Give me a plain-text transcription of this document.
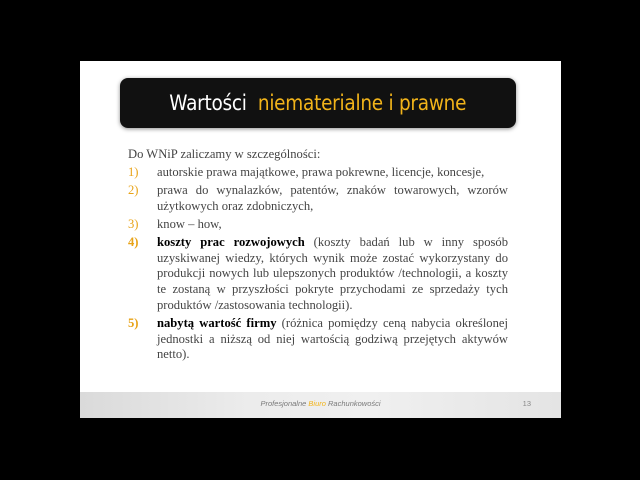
Wartości niematerialne i prawne

Do WNiP zaliczamy w szczególności:

1)	autorskie prawa majątkowe, prawa pokrewne, licencje, koncesje,
2)	prawa do wynalazków, patentów, znaków towarowych, wzorów użytkowych oraz zdobniczych,
3)	know – how,
4)	koszty prac rozwojowych (koszty badań lub w inny sposób uzyskiwanej wiedzy, których wynik może zostać wykorzystany do produkcji nowych lub ulepszonych produktów /technologii, a koszty te zostaną w przyszłości pokryte przychodami ze sprzedaży tych produktów /zastosowania technologii).
5)	nabytą wartość firmy (różnica pomiędzy ceną nabycia określonej jednostki a niższą od niej wartością godziwą przejętych aktywów netto).
Profesjonalne Biuro Rachunkowości	13
